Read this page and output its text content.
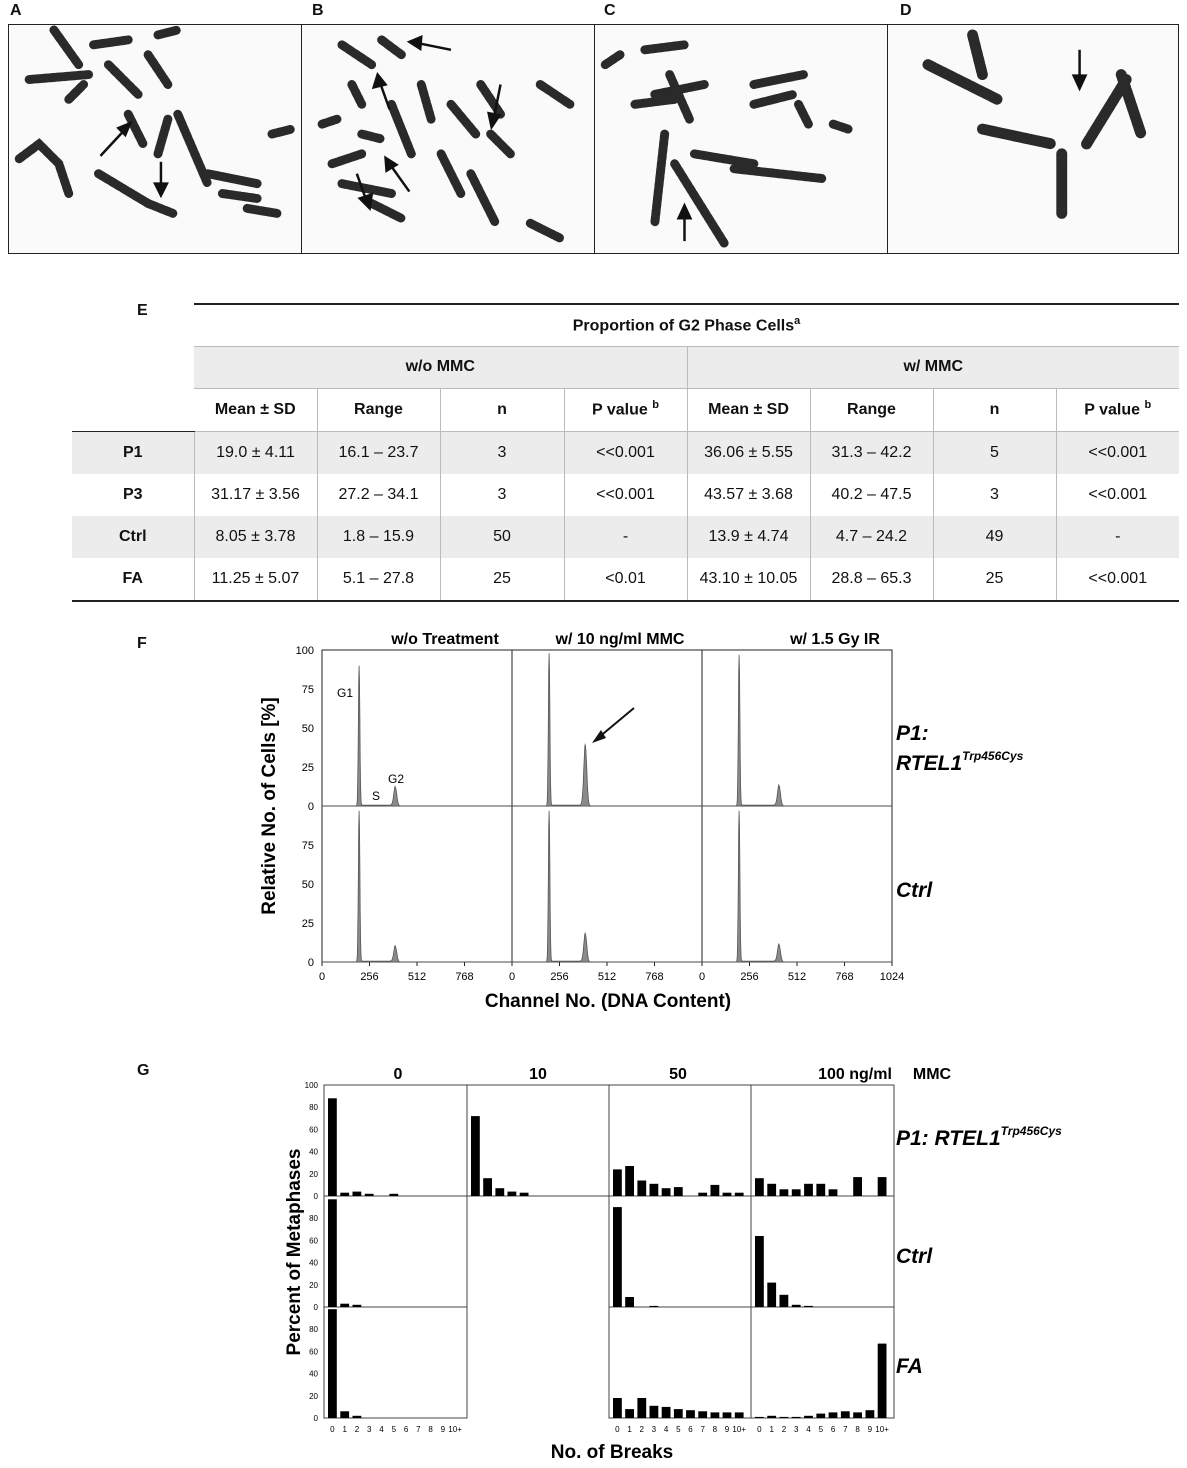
A	B	C	D
E
	Proportion of G2 Phase Cells$^a$
	w/o MMC				w/ MMC			
	Mean ± SD	Range	n	P value $^b$	Mean ± SD	Range	n	P value $^b$
P1	19.0 ± 4.11	16.1 – 23.7	3	<<0.001	36.06 ± 5.55	31.3 – 42.2	5	<<0.001
P3	31.17 ± 3.56	27.2 – 34.1	3	<<0.001	43.57 ± 3.68	40.2 – 47.5	3	<<0.001
Ctrl	8.05 ± 3.78	1.8 – 15.9	50	-	13.9 ± 4.74	4.7 – 24.2	49	-
FA	11.25 ± 5.07	5.1 – 27.8	25	<0.01	43.10 ± 10.05	28.8 – 65.3	25	<<0.001
F	w/o Treatment	w/ 10 ng/ml MMC	w/ 1.5 Gy IR
0
25
50
75
100
0
25
50
75
0	256	512	768	0	256	512	768	0	256	512	768 1024
G1
S
G2
P1:
$RTEL1^{Trp456Cys}$
Ctrl
Relative No. of Cells [%]
Channel No. (DNA Content)
G	0	10	50	100 ng/ml MMC
0
20
40
60
80
100
0
20
40
60
80
0
20
40
60
80
0 1 2 3 4 5 6 7 8 9 10+	0 1 2 3 4 5 6 7 8 9 10+ 0 1 2 3 4 5 6 7 8 9 10+
P1: $RTEL1^{Trp456Cys}$
Ctrl
FA
Percent of Metaphases
No. of Breaks
